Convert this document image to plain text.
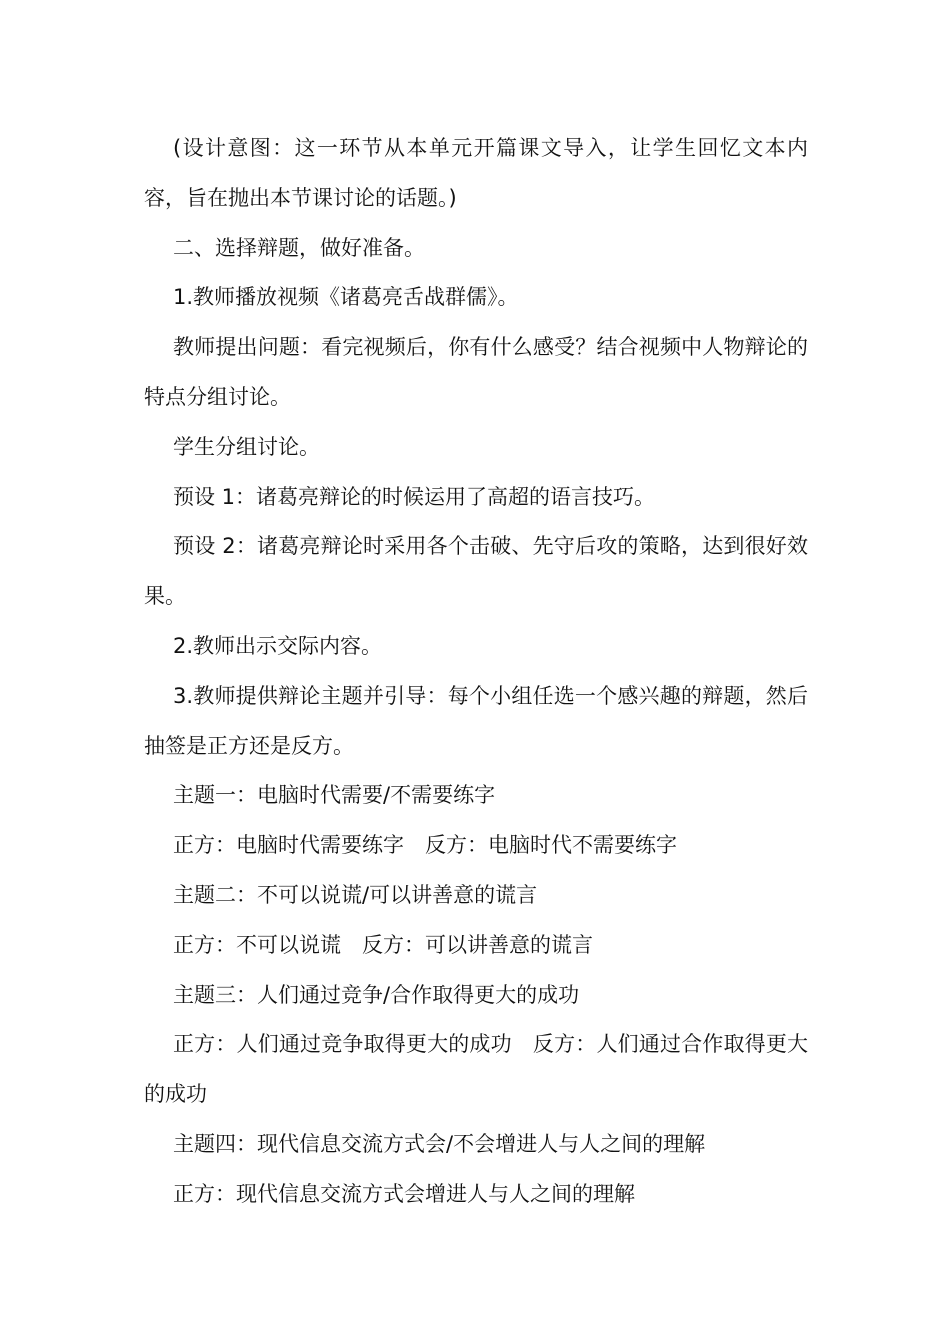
(设计意图：这一环节从本单元开篇课文导入，让学生回忆文本内容，旨在抛出本节课讨论的话题。)

二、选择辩题，做好准备。

1.教师播放视频《诸葛亮舌战群儒》。

教师提出问题：看完视频后，你有什么感受？结合视频中人物辩论的特点分组讨论。

学生分组讨论。

预设 1：诸葛亮辩论的时候运用了高超的语言技巧。

预设 2：诸葛亮辩论时采用各个击破、先守后攻的策略，达到很好效果。

2.教师出示交际内容。

3.教师提供辩论主题并引导：每个小组任选一个感兴趣的辩题，然后抽签是正方还是反方。

主题一：电脑时代需要/不需要练字

正方：电脑时代需要练字　反方：电脑时代不需要练字

主题二：不可以说谎/可以讲善意的谎言

正方：不可以说谎　反方：可以讲善意的谎言

主题三：人们通过竞争/合作取得更大的成功

正方：人们通过竞争取得更大的成功　反方：人们通过合作取得更大的成功

主题四：现代信息交流方式会/不会增进人与人之间的理解

正方：现代信息交流方式会增进人与人之间的理解
